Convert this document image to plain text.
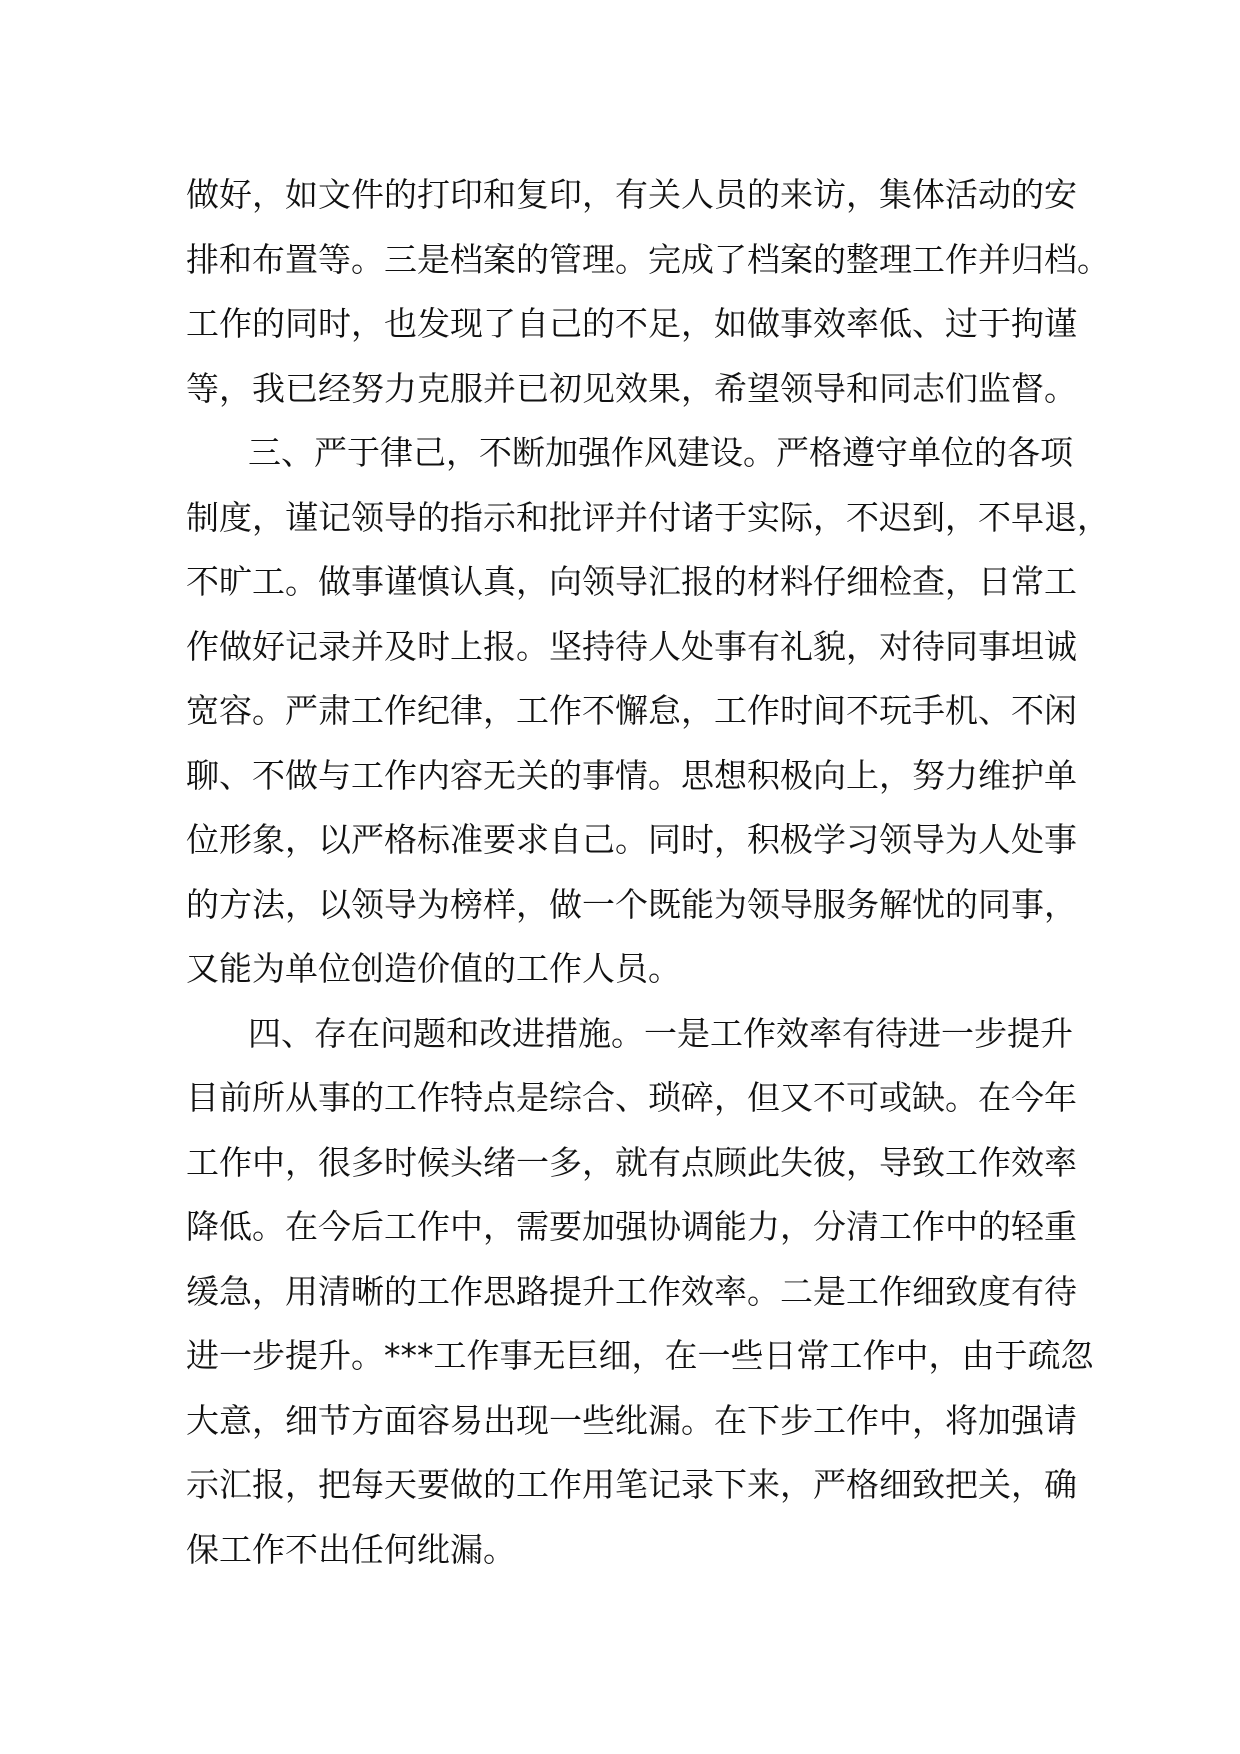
做好，如文件的打印和复印，有关人员的来访，集体活动的安
排和布置等。三是档案的管理。完成了档案的整理工作并归档。
工作的同时，也发现了自己的不足，如做事效率低、过于拘谨
等，我已经努力克服并已初见效果，希望领导和同志们监督。
三、严于律己，不断加强作风建设。严格遵守单位的各项
制度，谨记领导的指示和批评并付诸于实际，不迟到，不早退，
不旷工。做事谨慎认真，向领导汇报的材料仔细检查，日常工
作做好记录并及时上报。坚持待人处事有礼貌，对待同事坦诚
宽容。严肃工作纪律，工作不懈怠，工作时间不玩手机、不闲
聊、不做与工作内容无关的事情。思想积极向上，努力维护单
位形象，以严格标准要求自己。同时，积极学习领导为人处事
的方法，以领导为榜样，做一个既能为领导服务解忧的同事，
又能为单位创造价值的工作人员。
四、存在问题和改进措施。一是工作效率有待进一步提升
目前所从事的工作特点是综合、琐碎，但又不可或缺。在今年
工作中，很多时候头绪一多，就有点顾此失彼，导致工作效率
降低。在今后工作中，需要加强协调能力，分清工作中的轻重
缓急，用清晰的工作思路提升工作效率。二是工作细致度有待
进一步提升。***工作事无巨细，在一些日常工作中，由于疏忽
大意，细节方面容易出现一些纰漏。在下步工作中，将加强请
示汇报，把每天要做的工作用笔记录下来，严格细致把关，确
保工作不出任何纰漏。
